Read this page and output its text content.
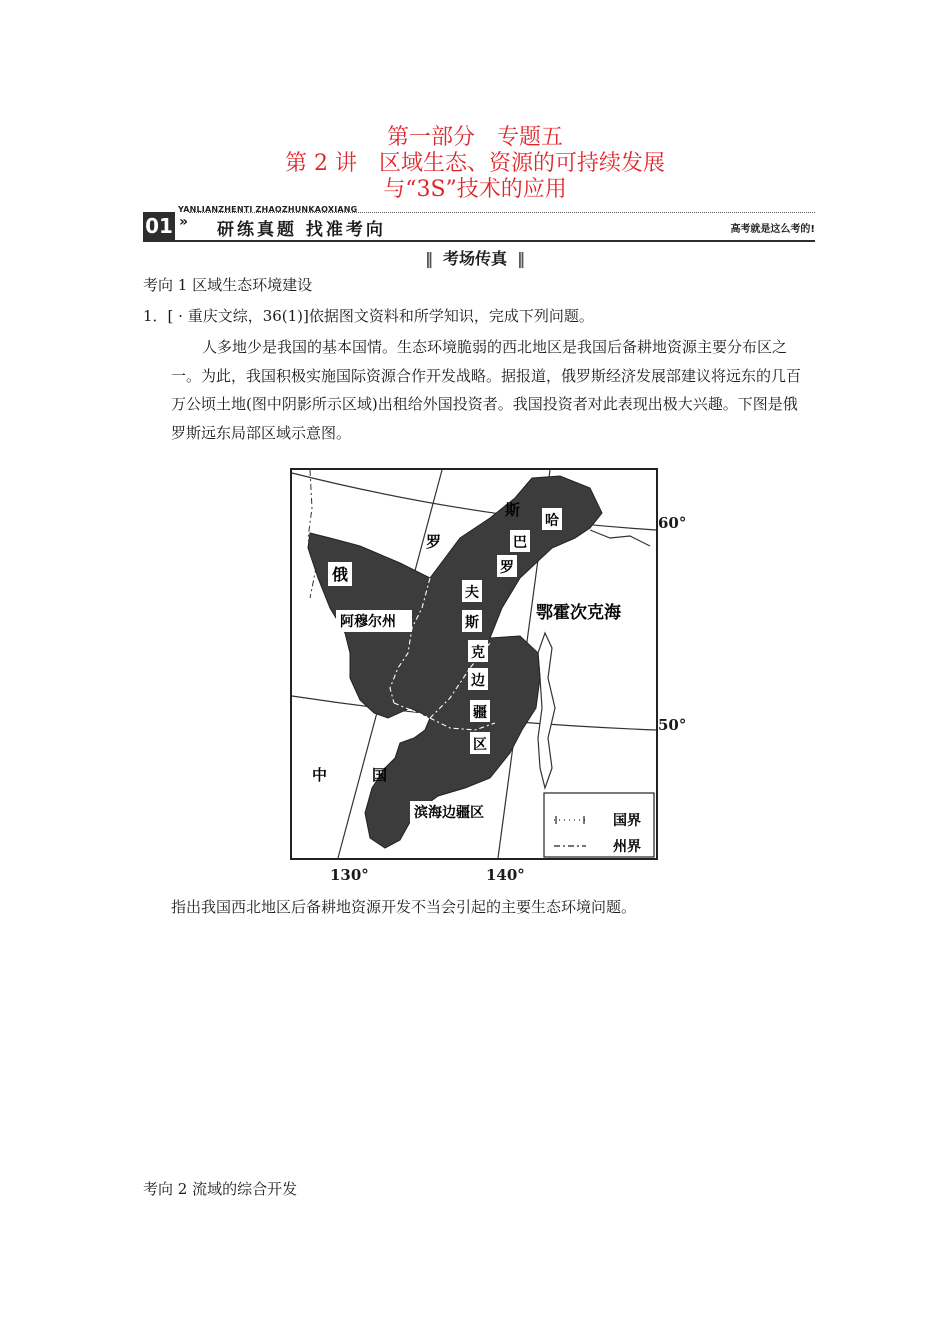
第一部分　专题五
第 2 讲　区域生态、资源的可持续发展
与“3S”技术的应用
YANLIANZHENTI ZHAOZHUNKAOXIANG
01 » 研练真题 找准考向	高考就是这么考的!
‖ 考场传真 ‖
考向 1 区域生态环境建设
1．[ · 重庆文综，36(1)]依据图文资料和所学知识，完成下列问题。
人多地少是我国的基本国情。生态环境脆弱的西北地区是我国后备耕地资源主要分布区之一。为此，我国积极实施国际资源合作开发战略。据报道，俄罗斯经济发展部建议将远东的几百万公顷土地(图中阴影所示区域)出租给外国投资者。我国投资者对此表现出极大兴趣。下图是俄罗斯远东局部区域示意图。
国界
州界
鄂霍次克海
中	国
斯
罗
俄
阿穆尔州
滨海边疆区
哈
巴
罗
夫
斯
克
边
疆
区
60°
50°
130°	140°
指出我国西北地区后备耕地资源开发不当会引起的主要生态环境问题。
考向 2 流域的综合开发
